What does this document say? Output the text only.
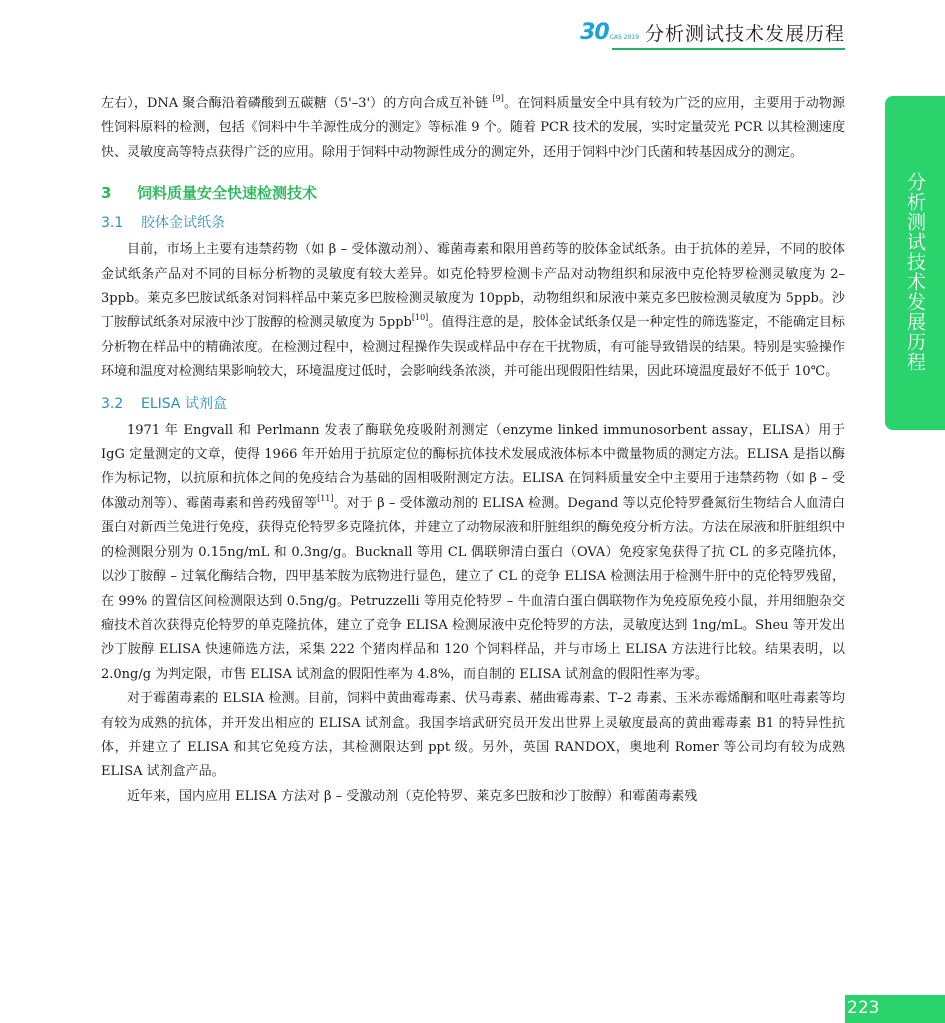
30 CAS 2019 分析测试技术发展历程
分析测试技术发展历程

左右），DNA 聚合酶沿着磷酸到五碳糖（5'–3'）的方向合成互补链 [9]。在饲料质量安全中具有较为广泛的应用，主要用于动物源性饲料原料的检测，包括《饲料中牛羊源性成分的测定》等标准 9 个。随着 PCR 技术的发展，实时定量荧光 PCR 以其检测速度快、灵敏度高等特点获得广泛的应用。除用于饲料中动物源性成分的测定外，还用于饲料中沙门氏菌和转基因成分的测定。

3 饲料质量安全快速检测技术
3.1 胶体金试纸条

目前，市场上主要有违禁药物（如 β – 受体激动剂）、霉菌毒素和限用兽药等的胶体金试纸条。由于抗体的差异，不同的胶体金试纸条产品对不同的目标分析物的灵敏度有较大差异。如克伦特罗检测卡产品对动物组织和尿液中克伦特罗检测灵敏度为 2–3ppb。莱克多巴胺试纸条对饲料样品中莱克多巴胺检测灵敏度为 10ppb，动物组织和尿液中莱克多巴胺检测灵敏度为 5ppb。沙丁胺醇试纸条对尿液中沙丁胺醇的检测灵敏度为 5ppb[10]。值得注意的是，胶体金试纸条仅是一种定性的筛选鉴定，不能确定目标分析物在样品中的精确浓度。在检测过程中，检测过程操作失误或样品中存在干扰物质，有可能导致错误的结果。特别是实验操作环境和温度对检测结果影响较大，环境温度过低时，会影响线条浓淡，并可能出现假阳性结果，因此环境温度最好不低于 10℃。

3.2 ELISA 试剂盒

1971 年 Engvall 和 Perlmann 发表了酶联免疫吸附剂测定（enzyme linked immunosorbent assay，ELISA）用于 IgG 定量测定的文章，使得 1966 年开始用于抗原定位的酶标抗体技术发展成液体标本中微量物质的测定方法。ELISA 是指以酶作为标记物，以抗原和抗体之间的免疫结合为基础的固相吸附测定方法。ELISA 在饲料质量安全中主要用于违禁药物（如 β – 受体激动剂等）、霉菌毒素和兽药残留等[11]。对于 β – 受体激动剂的 ELISA 检测。Degand 等以克伦特罗叠氮衍生物结合人血清白蛋白对新西兰兔进行免疫，获得克伦特罗多克隆抗体，并建立了动物尿液和肝脏组织的酶免疫分析方法。方法在尿液和肝脏组织中的检测限分别为 0.15ng/mL 和 0.3ng/g。Bucknall 等用 CL 偶联卵清白蛋白（OVA）免疫家兔获得了抗 CL 的多克隆抗体，以沙丁胺醇 – 过氧化酶结合物，四甲基苯胺为底物进行显色，建立了 CL 的竞争 ELISA 检测法用于检测牛肝中的克伦特罗残留，在 99% 的置信区间检测限达到 0.5ng/g。Petruzzelli 等用克伦特罗 – 牛血清白蛋白偶联物作为免疫原免疫小鼠，并用细胞杂交瘤技术首次获得克伦特罗的单克隆抗体，建立了竞争 ELISA 检测尿液中克伦特罗的方法，灵敏度达到 1ng/mL。Sheu 等开发出沙丁胺醇 ELISA 快速筛选方法，采集 222 个猪肉样品和 120 个饲料样品，并与市场上 ELISA 方法进行比较。结果表明，以 2.0ng/g 为判定限，市售 ELISA 试剂盒的假阳性率为 4.8%，而自制的 ELISA 试剂盒的假阳性率为零。

对于霉菌毒素的 ELSIA 检测。目前，饲料中黄曲霉毒素、伏马毒素、赭曲霉毒素、T–2 毒素、玉米赤霉烯酮和呕吐毒素等均有较为成熟的抗体，并开发出相应的 ELISA 试剂盒。我国李培武研究员开发出世界上灵敏度最高的黄曲霉毒素 B1 的特异性抗体，并建立了 ELISA 和其它免疫方法，其检测限达到 ppt 级。另外，英国 RANDOX，奥地利 Romer 等公司均有较为成熟 ELISA 试剂盒产品。

近年来，国内应用 ELISA 方法对 β – 受激动剂（克伦特罗、莱克多巴胺和沙丁胺醇）和霉菌毒素残

223
